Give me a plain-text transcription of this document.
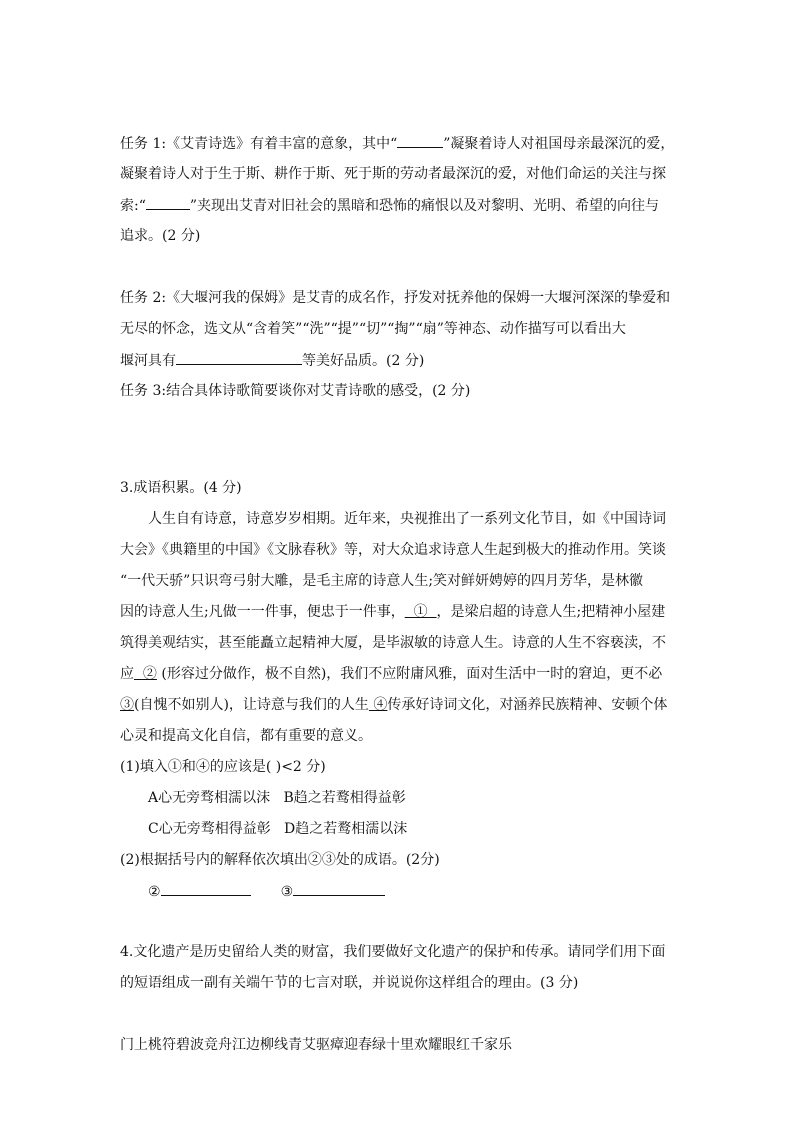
任务 1:《艾青诗选》有着丰富的意象，其中“	”凝聚着诗人对祖国母亲最深沉的爱，
凝聚着诗人对于生于斯、耕作于斯、死于斯的劳动者最深沉的爱，对他们命运的关注与探
索:“	”夹现出艾青对旧社会的黑暗和恐怖的痛恨以及对黎明、光明、希望的向往与
追求。(2 分)
任务 2:《大堰河我的保姆》是艾青的成名作，抒发对抚养他的保姆一大堰河深深的挚爱和
无尽的怀念，选文从“含着笑”“洗”“提”“切”“掏”“扇”等神态、动作描写可以看出大
堰河具有	等美好品质。(2 分)
任务 3:结合具体诗歌简要谈你对艾青诗歌的感受，(2 分)
3.成语积累。(4 分)
人生自有诗意，诗意岁岁相期。近年来，央视推出了一系列文化节目，如《中国诗词
大会》《典籍里的中国》《文脉春秋》等，对大众追求诗意人生起到极大的推动作用。笑谈
“一代天骄”只识弯弓射大雕，是毛主席的诗意人生;笑对鲜妍娉婷的四月芳华，是林徽
因的诗意人生;凡做一一件事，便忠于一件事，  ①  ，是梁启超的诗意人生;把精神小屋建
筑得美观结实，甚至能矗立起精神大厦，是毕淑敏的诗意人生。诗意的人生不容亵渎，不
应  ② (形容过分做作，极不自然)，我们不应附庸风雅，面对生活中一时的窘迫，更不必
③(自愧不如别人)，让诗意与我们的人生 ④传承好诗词文化，对涵养民族精神、安顿个体
心灵和提高文化自信，都有重要的意义。
(1)填入①和④的应该是( )<2 分)
A心无旁骛相濡以沫   B趋之若鹜相得益彰
C心无旁骛相得益彰   D趋之若鹜相濡以沫
(2)根据括号内的解释依次填出②③处的成语。(2分)
②	③
4.文化遗产是历史留给人类的财富，我们要做好文化遗产的保护和传承。请同学们用下面
的短语组成一副有关端午节的七言对联，并说说你这样组合的理由。(3 分)
门上桃符碧波竞舟江边柳线青艾驱瘴迎春绿十里欢耀眼红千家乐
